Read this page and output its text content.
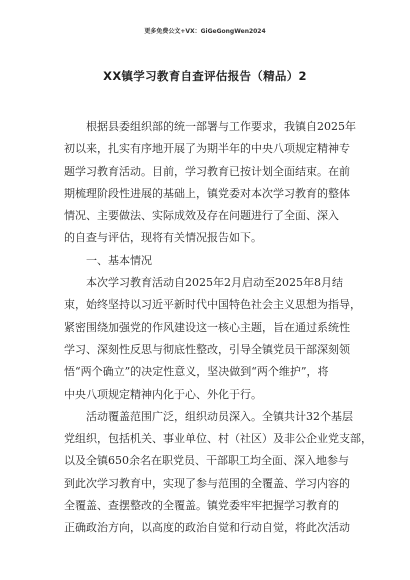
更多免费公文+VX：GiGeGongWen2024
XX镇学习教育自查评估报告（精品）2

根据县委组织部的统一部署与工作要求，我镇自2025年
初以来，扎实有序地开展了为期半年的中央八项规定精神专
题学习教育活动。目前，学习教育已按计划全面结束。在前
期梳理阶段性进展的基础上，镇党委对本次学习教育的整体
情况、主要做法、实际成效及存在问题进行了全面、深入
的自查与评估，现将有关情况报告如下。

一、基本情况

本次学习教育活动自2025年2月启动至2025年8月结
束，始终坚持以习近平新时代中国特色社会主义思想为指导，
紧密围绕加强党的作风建设这一核心主题，旨在通过系统性
学习、深刻性反思与彻底性整改，引导全镇党员干部深刻领
悟“两个确立”的决定性意义，坚决做到“两个维护”，将
中央八项规定精神内化于心、外化于行。

活动覆盖范围广泛，组织动员深入。全镇共计32个基层
党组织，包括机关、事业单位、村（社区）及非公企业党支部，
以及全镇650余名在职党员、干部职工均全面、深入地参与
到此次学习教育中，实现了参与范围的全覆盖、学习内容的
全覆盖、查摆整改的全覆盖。镇党委牢牢把握学习教育的
正确政治方向，以高度的政治自觉和行动自觉，将此次活动
